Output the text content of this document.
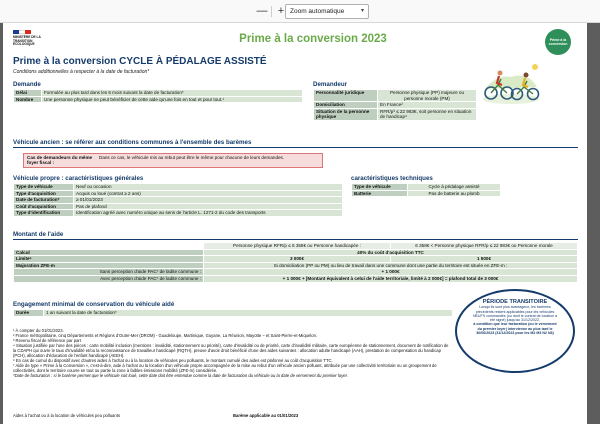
— + Zoom automatique	▾
MINISTÈRE DE LA TRANSITION ÉCOLOGIQUE	Prime à la conversion 2023	Prime à la conversion
Prime à la conversion CYCLE À PÉDALAGE ASSISTÉ
Conditions additionnelles à respecter à la date de facturation*
Demande
Délai	Formulée au plus tard dans les 6 mois suivant la date de facturation*
Nombre	Une personne physique ne peut bénéficier de cette aide qu'une fois en tout et pour tout.¹
Demandeur
Personnalité juridique	Personne physique (PP) majeure ou personne morale (PM)
Domiciliation	En France²
Situation de la personne physique	RFR/p³ ≤ 22 983€, soit personne en situation de handicap⁴
Véhicule ancien : se référer aux conditions communes à l'ensemble des barèmes
Cas de demandeurs du même foyer fiscal :
Dans ce cas, le véhicule mis au rebut peut être le même pour chacune de leurs demandes.
Véhicule propre : caractéristiques générales
Type de véhicule	Neuf ou occasion
Type d'acquisition	Acquis ou loué (contrat ≥ 2 ans)
Date de facturation*	≥ 01/01/2023
Coût d'acquisition	Pas de plafond
Type d'identification	Identification agréé avec numéro unique au sens de l'article L. 1271-2 du code des transports
caractéristiques techniques
Type de véhicule	Cycle à pédalage assisté
Batterie	Pas de batterie au plomb
Montant de l'aide
	Personne physique RFR/p ≤ 6 358€ ou Personne handicapée :	6 358€ < Personne physique RFR/p ≤ 22 983€ ou Personne morale
Calcul	40% du coût d'acquisition TTC	
Limite⁶	3 000€	1 500€
Majoration ZFE-m	Si domiciliation (PP ou PM) ou lieu de travail dans une commune dont une partie du territoire est située en ZFE-m :	
Sans perception d'aide PAC⁷ de ladite commune :	+ 1 000€	
Avec perception d'aide PAC⁷ de ladite commune :	+ 1 000€ + [Montant équivalent à celui de l'aide territoriale, limité à 2 000€] = plafond total de 3 000€	
Engagement minimal de conservation du véhicule aidé
Durée	1 an suivant la date de facturation*
¹ À compter du 01/01/2023.
² France métropolitaine, cinq Départements et Régions d'Outre-Mer (DROM) - Guadeloupe, Martinique, Guyane, La Réunion, Mayotte – et Saint-Pierre-et-Miquelon.
³ Revenu fiscal de référence par part
⁴ Situation justifiée par l'une des pièces : carte mobilité inclusion (mentions : invalidité, stationnement ou priorité), carte d'invalidité ou de priorité, carte d'invalidité militaire, carte européenne de stationnement, document de notification de la CDAPH qui ouvre le taux d'invalidité et/ou la reconnaissance de travailleur handicapé (RQTH), preuve d'avoir droit bénéficié d'une des aides suivantes : allocation adulte handicapé (AAH), prestation de compensation du handicap (PCH), allocation d'éducation de l'enfant handicapé (AEEH).
⁶ En cas de cumul du dispositif avec d'autres aides à l'achat ou à la location de véhicules peu polluants, le montant cumulé des aides est plafonné au coût d'acquisition TTC.
⁷ Aide de type « Prime à la Conversion », c'est-à-dire, aide à l'achat ou la location d'un véhicule propre accompagnée de la mise au rebut d'un véhicule ancien polluant, attribuée par une collectivité territoriale ou un groupement de collectivités, dont le territoire couvre en tout ou partie la zone à faibles émissions mobilité (ZFE-m) considérée.
*Date de facturation : si le barème permet que le véhicule soit loué, cette date doit être entendue comme la date de facturation du véhicule ou la date de versement du premier loyer.
Aides à l'achat ou à la location de véhicules peu polluants	Barème applicable au 01/01/2023
PÉRIODE TRANSITOIRE
Lorsqu'ils sont plus avantageux, les barèmes précédents restent applicables pour les véhicules NEUFS commandés (ou dont le contrat de location a été signé) jusqu'au 31/12/2022,
à condition que leur facturation (ou le versement du premier loyer) intervienne au plus tard le 30/06/2023 (31/12/2023 pour les M2 M3 N2 N3)
